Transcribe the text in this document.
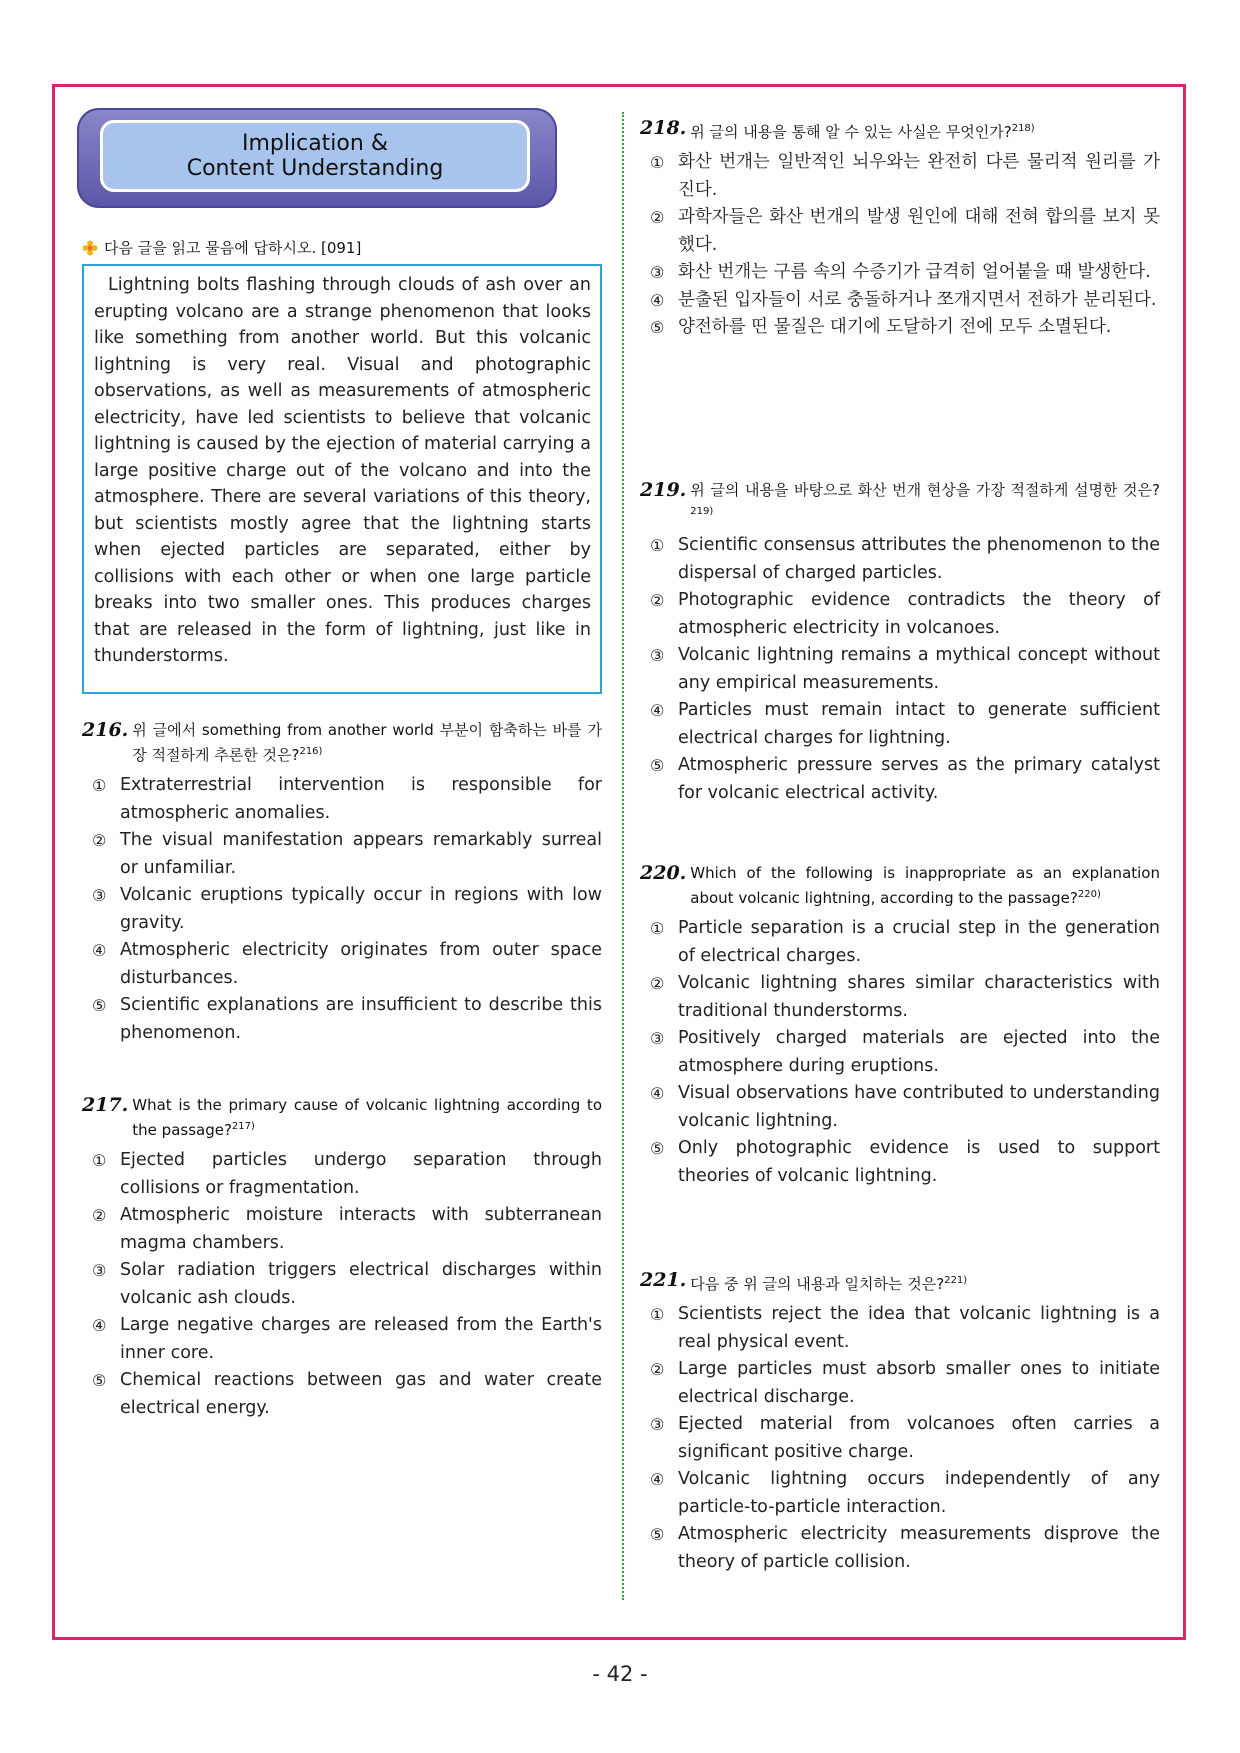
Implication &
Content Understanding
다음 글을 읽고 물음에 답하시오. [091]
Lightning bolts flashing through clouds of ash over an erupting volcano are a strange phenomenon that looks like something from another world. But this volcanic lightning is very real. Visual and photographic observations, as well as measurements of atmospheric electricity, have led scientists to believe that volcanic lightning is caused by the ejection of material carrying a large positive charge out of the volcano and into the atmosphere. There are several variations of this theory, but scientists mostly agree that the lightning starts when ejected particles are separated, either by collisions with each other or when one large particle breaks into two smaller ones. This produces charges that are released in the form of lightning, just like in thunderstorms.
216. 위 글에서 something from another world 부분이 함축하는 바를 가장 적절하게 추론한 것은?$^{216)}$
① Extraterrestrial intervention is responsible for atmospheric anomalies.
② The visual manifestation appears remarkably surreal or unfamiliar.
③ Volcanic eruptions typically occur in regions with low gravity.
④ Atmospheric electricity originates from outer space disturbances.
⑤ Scientific explanations are insufficient to describe this phenomenon.
217. What is the primary cause of volcanic lightning according to the passage?$^{217)}$
① Ejected particles undergo separation through collisions or fragmentation.
② Atmospheric moisture interacts with subterranean magma chambers.
③ Solar radiation triggers electrical discharges within volcanic ash clouds.
④ Large negative charges are released from the Earth's inner core.
⑤ Chemical reactions between gas and water create electrical energy.
218. 위 글의 내용을 통해 알 수 있는 사실은 무엇인가?$^{218)}$
① 화산 번개는 일반적인 뇌우와는 완전히 다른 물리적 원리를 가진다.
② 과학자들은 화산 번개의 발생 원인에 대해 전혀 합의를 보지 못했다.
③ 화산 번개는 구름 속의 수증기가 급격히 얼어붙을 때 발생한다.
④ 분출된 입자들이 서로 충돌하거나 쪼개지면서 전하가 분리된다.
⑤ 양전하를 띤 물질은 대기에 도달하기 전에 모두 소멸된다.
219. 위 글의 내용을 바탕으로 화산 번개 현상을 가장 적절하게 설명한 것은?$^{219)}$
① Scientific consensus attributes the phenomenon to the dispersal of charged particles.
② Photographic evidence contradicts the theory of atmospheric electricity in volcanoes.
③ Volcanic lightning remains a mythical concept without any empirical measurements.
④ Particles must remain intact to generate sufficient electrical charges for lightning.
⑤ Atmospheric pressure serves as the primary catalyst for volcanic electrical activity.
220. Which of the following is inappropriate as an explanation about volcanic lightning, according to the passage?$^{220)}$
① Particle separation is a crucial step in the generation of electrical charges.
② Volcanic lightning shares similar characteristics with traditional thunderstorms.
③ Positively charged materials are ejected into the atmosphere during eruptions.
④ Visual observations have contributed to understanding volcanic lightning.
⑤ Only photographic evidence is used to support theories of volcanic lightning.
221. 다음 중 위 글의 내용과 일치하는 것은?$^{221)}$
① Scientists reject the idea that volcanic lightning is a real physical event.
② Large particles must absorb smaller ones to initiate electrical discharge.
③ Ejected material from volcanoes often carries a significant positive charge.
④ Volcanic lightning occurs independently of any particle-to-particle interaction.
⑤ Atmospheric electricity measurements disprove the theory of particle collision.
- 42 -
